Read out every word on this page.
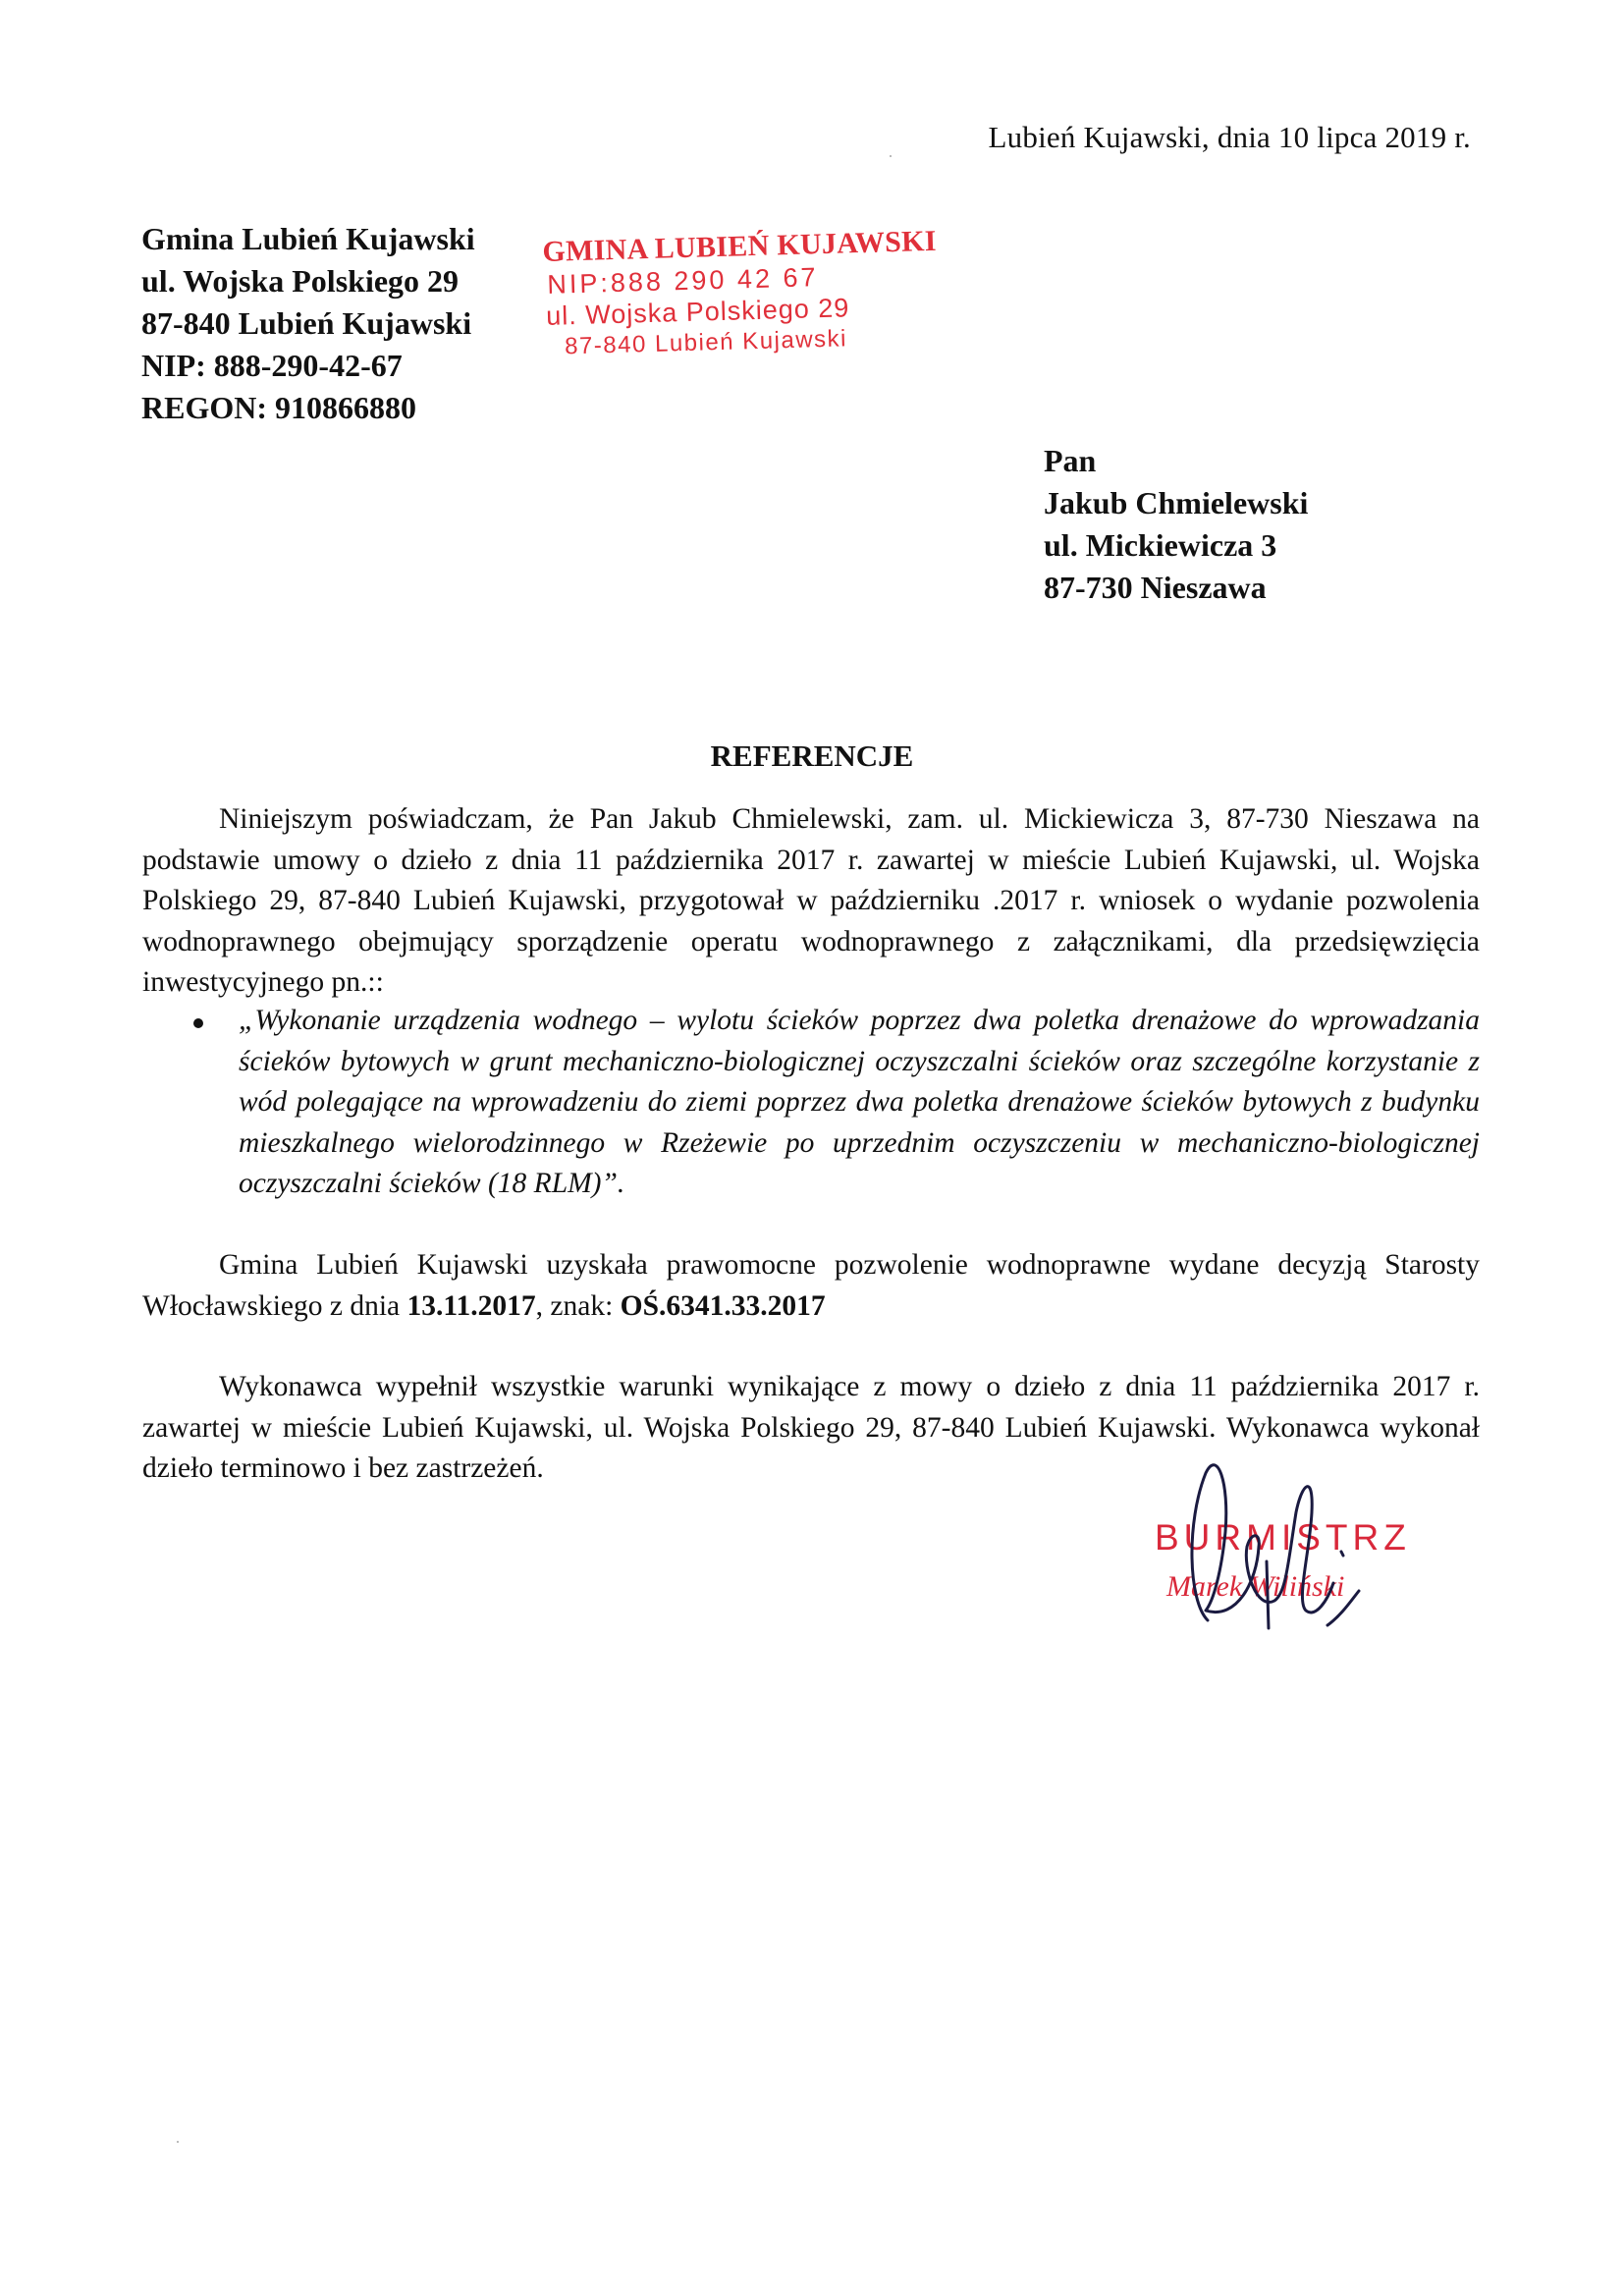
Lubień Kujawski, dnia 10 lipca 2019 r.
Gmina Lubień Kujawski
ul. Wojska Polskiego 29
87-840 Lubień Kujawski
NIP: 888-290-42-67
REGON: 910866880
GMINA LUBIEŃ KUJAWSKI
NIP:888 290 42 67
ul. Wojska Polskiego 29
87-840 Lubień Kujawski
Pan
Jakub Chmielewski
ul. Mickiewicza 3
87-730 Nieszawa
REFERENCJE
Niniejszym poświadczam, że Pan Jakub Chmielewski, zam. ul. Mickiewicza 3, 87-730 Nieszawa na podstawie umowy o dzieło z dnia 11 października 2017 r. zawartej w mieście Lubień Kujawski, ul. Wojska Polskiego 29, 87-840 Lubień Kujawski, przygotował w październiku .2017 r. wniosek o wydanie pozwolenia wodnoprawnego obejmujący sporządzenie operatu wodnoprawnego z załącznikami, dla przedsięwzięcia inwestycyjnego pn.::
„Wykonanie urządzenia wodnego – wylotu ścieków poprzez dwa poletka drenażowe do wprowadzania ścieków bytowych w grunt mechaniczno-biologicznej oczyszczalni ścieków oraz szczególne korzystanie z wód polegające na wprowadzeniu do ziemi poprzez dwa poletka drenażowe ścieków bytowych z budynku mieszkalnego wielorodzinnego w Rzeżewie po uprzednim oczyszczeniu w mechaniczno-biologicznej oczyszczalni ścieków (18 RLM)”.
Gmina Lubień Kujawski uzyskała prawomocne pozwolenie wodnoprawne wydane decyzją Starosty Włocławskiego z dnia 13.11.2017, znak: OŚ.6341.33.2017
Wykonawca wypełnił wszystkie warunki wynikające z mowy o dzieło z dnia 11 października 2017 r. zawartej w mieście Lubień Kujawski, ul. Wojska Polskiego 29, 87-840 Lubień Kujawski. Wykonawca wykonał dzieło terminowo i bez zastrzeżeń.
BURMISTRZ
Marek Wiliński
